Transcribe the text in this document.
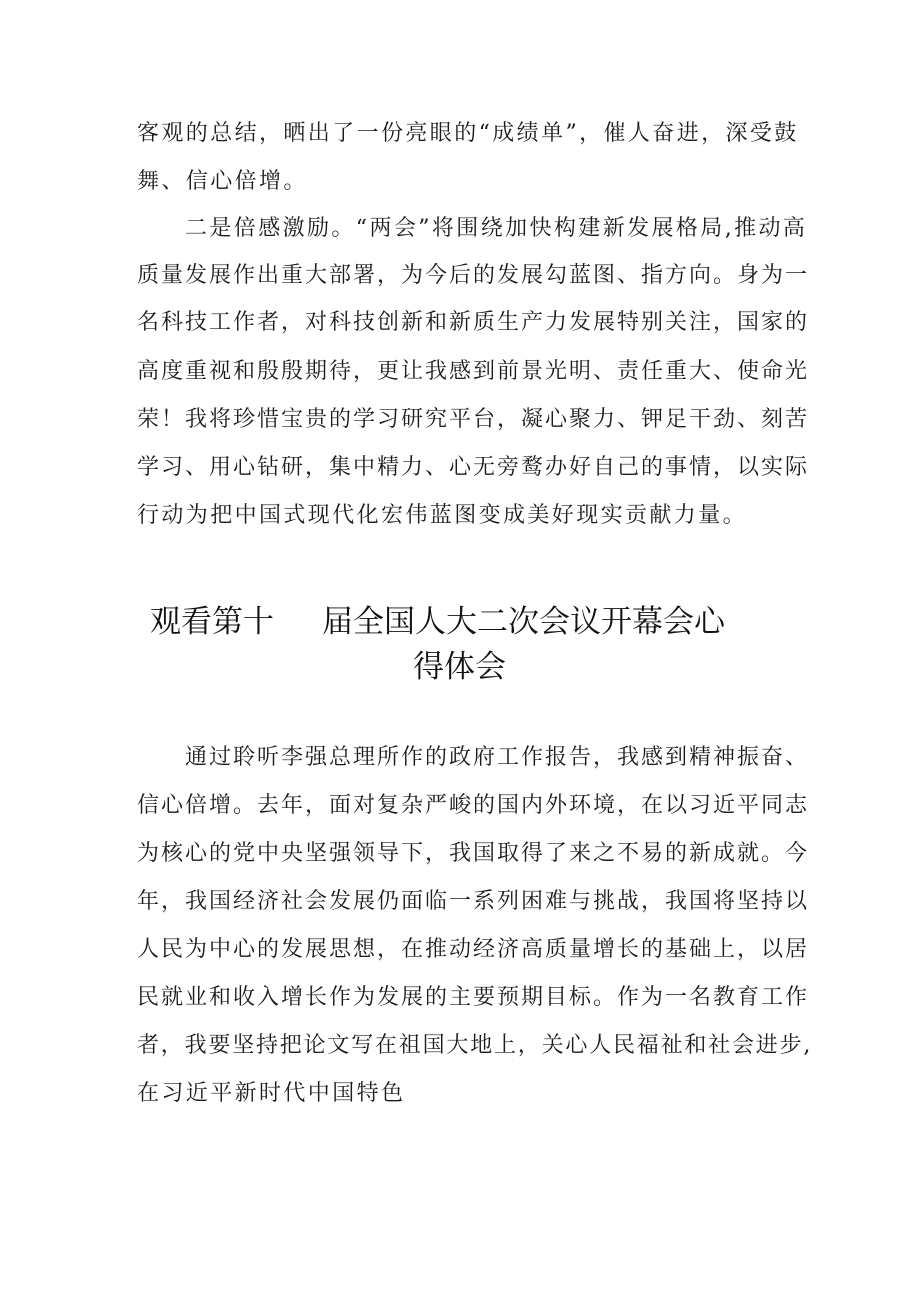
客观的总结，晒出了一份亮眼的“成绩单”，催人奋进，深受鼓

舞、信心倍增。

二是倍感激励。“两会”将围绕加快构建新发展格局,推动高

质量发展作出重大部署，为今后的发展勾蓝图、指方向。身为一

名科技工作者，对科技创新和新质生产力发展特别关注，国家的

高度重视和殷殷期待，更让我感到前景光明、责任重大、使命光

荣！我将珍惜宝贵的学习研究平台，凝心聚力、钾足干劲、刻苦

学习、用心钻研，集中精力、心无旁鹜办好自己的事情，以实际

行动为把中国式现代化宏伟蓝图变成美好现实贡献力量。

观看第十 届全国人大二次会议开幕会心
得体会

通过聆听李强总理所作的政府工作报告，我感到精神振奋、

信心倍增。去年，面对复杂严峻的国内外环境，在以习近平同志

为核心的党中央坚强领导下，我国取得了来之不易的新成就。今

年，我国经济社会发展仍面临一系列困难与挑战，我国将坚持以

人民为中心的发展思想，在推动经济高质量增长的基础上，以居

民就业和收入增长作为发展的主要预期目标。作为一名教育工作

者，我要坚持把论文写在祖国大地上，关心人民福祉和社会进步,

在习近平新时代中国特色
